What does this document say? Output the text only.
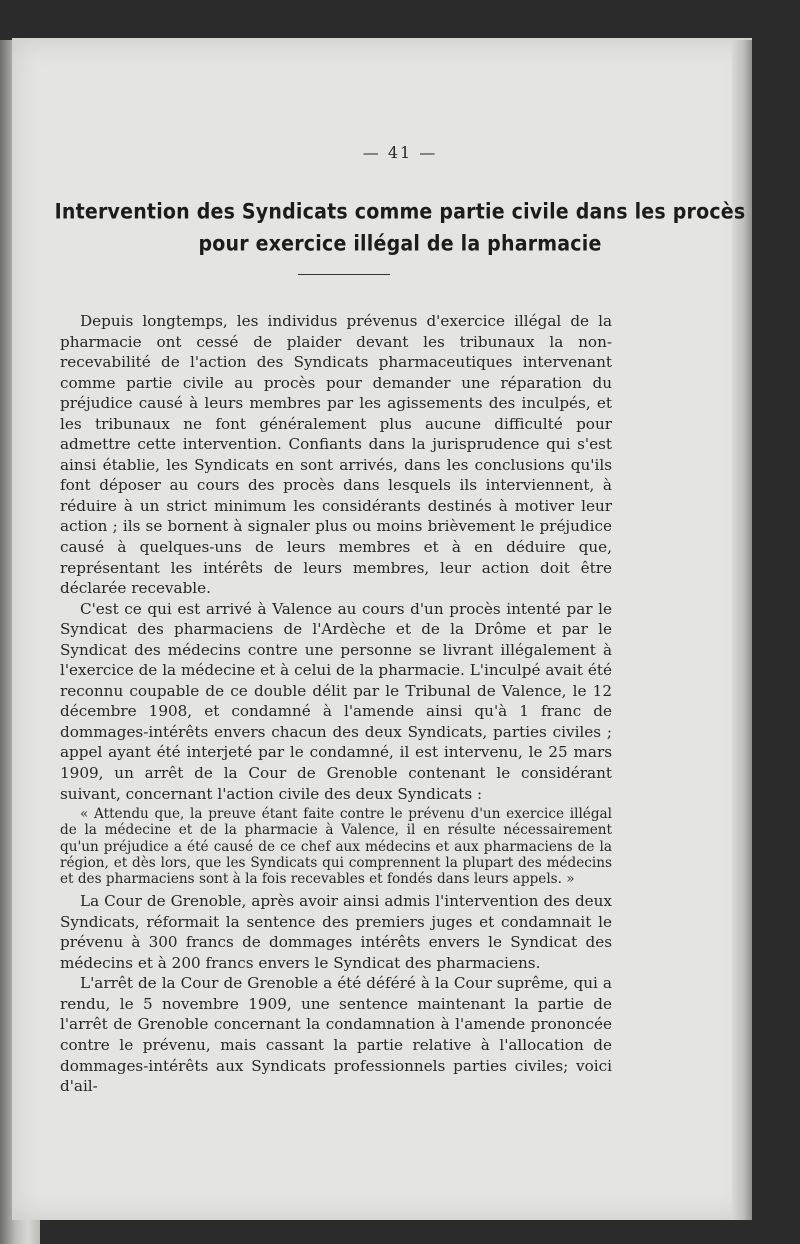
— 41 —
Intervention des Syndicats comme partie civile dans les procès
pour exercice illégal de la pharmacie

Depuis longtemps, les individus prévenus d'exercice illégal de la pharmacie ont cessé de plaider devant les tribunaux la non-recevabilité de l'action des Syndicats pharmaceutiques intervenant comme partie civile au procès pour demander une réparation du préjudice causé à leurs membres par les agissements des inculpés, et les tribunaux ne font généralement plus aucune difficulté pour admettre cette intervention. Confiants dans la jurisprudence qui s'est ainsi établie, les Syndicats en sont arrivés, dans les conclusions qu'ils font déposer au cours des procès dans lesquels ils interviennent, à réduire à un strict minimum les considérants destinés à motiver leur action ; ils se bornent à signaler plus ou moins brièvement le préjudice causé à quelques-uns de leurs membres et à en déduire que, représentant les intérêts de leurs membres, leur action doit être déclarée recevable.

C'est ce qui est arrivé à Valence au cours d'un procès intenté par le Syndicat des pharmaciens de l'Ardèche et de la Drôme et par le Syndicat des médecins contre une personne se livrant illégalement à l'exercice de la médecine et à celui de la pharmacie. L'inculpé avait été reconnu coupable de ce double délit par le Tribunal de Valence, le 12 décembre 1908, et condamné à l'amende ainsi qu'à 1 franc de dommages-intérêts envers chacun des deux Syndicats, parties civiles ; appel ayant été interjeté par le condamné, il est intervenu, le 25 mars 1909, un arrêt de la Cour de Grenoble contenant le considérant suivant, concernant l'action civile des deux Syndicats :

« Attendu que, la preuve étant faite contre le prévenu d'un exercice illégal de la médecine et de la pharmacie à Valence, il en résulte nécessairement qu'un préjudice a été causé de ce chef aux médecins et aux pharmaciens de la région, et dès lors, que les Syndicats qui comprennent la plupart des médecins et des pharmaciens sont à la fois recevables et fondés dans leurs appels. »

La Cour de Grenoble, après avoir ainsi admis l'intervention des deux Syndicats, réformait la sentence des premiers juges et condamnait le prévenu à 300 francs de dommages intérêts envers le Syndicat des médecins et à 200 francs envers le Syndicat des pharmaciens.

L'arrêt de la Cour de Grenoble a été déféré à la Cour suprême, qui a rendu, le 5 novembre 1909, une sentence maintenant la partie de l'arrêt de Grenoble concernant la condamnation à l'amende prononcée contre le prévenu, mais cassant la partie relative à l'allocation de dommages-intérêts aux Syndicats professionnels parties civiles; voici d'ail-
